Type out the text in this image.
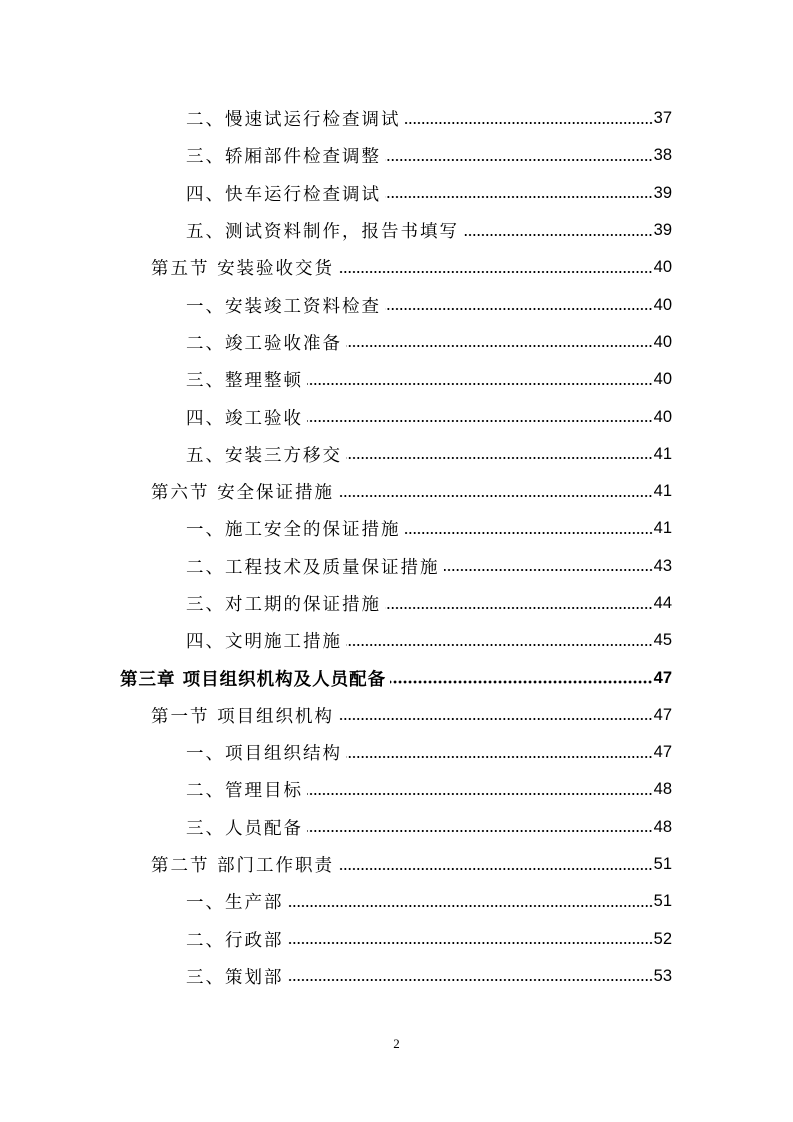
二、慢速试运行检查调试	37
三、轿厢部件检查调整	38
四、快车运行检查调试	39
五、测试资料制作，报告书填写	39
第五节 安装验收交货	40
一、安装竣工资料检查	40
二、竣工验收准备	40
三、整理整顿	40
四、竣工验收	40
五、安装三方移交	41
第六节 安全保证措施	41
一、施工安全的保证措施	41
二、工程技术及质量保证措施	43
三、对工期的保证措施	44
四、文明施工措施	45
第三章 项目组织机构及人员配备	47
第一节 项目组织机构	47
一、项目组织结构	47
二、管理目标	48
三、人员配备	48
第二节 部门工作职责	51
一、生产部	51
二、行政部	52
三、策划部	53
2
